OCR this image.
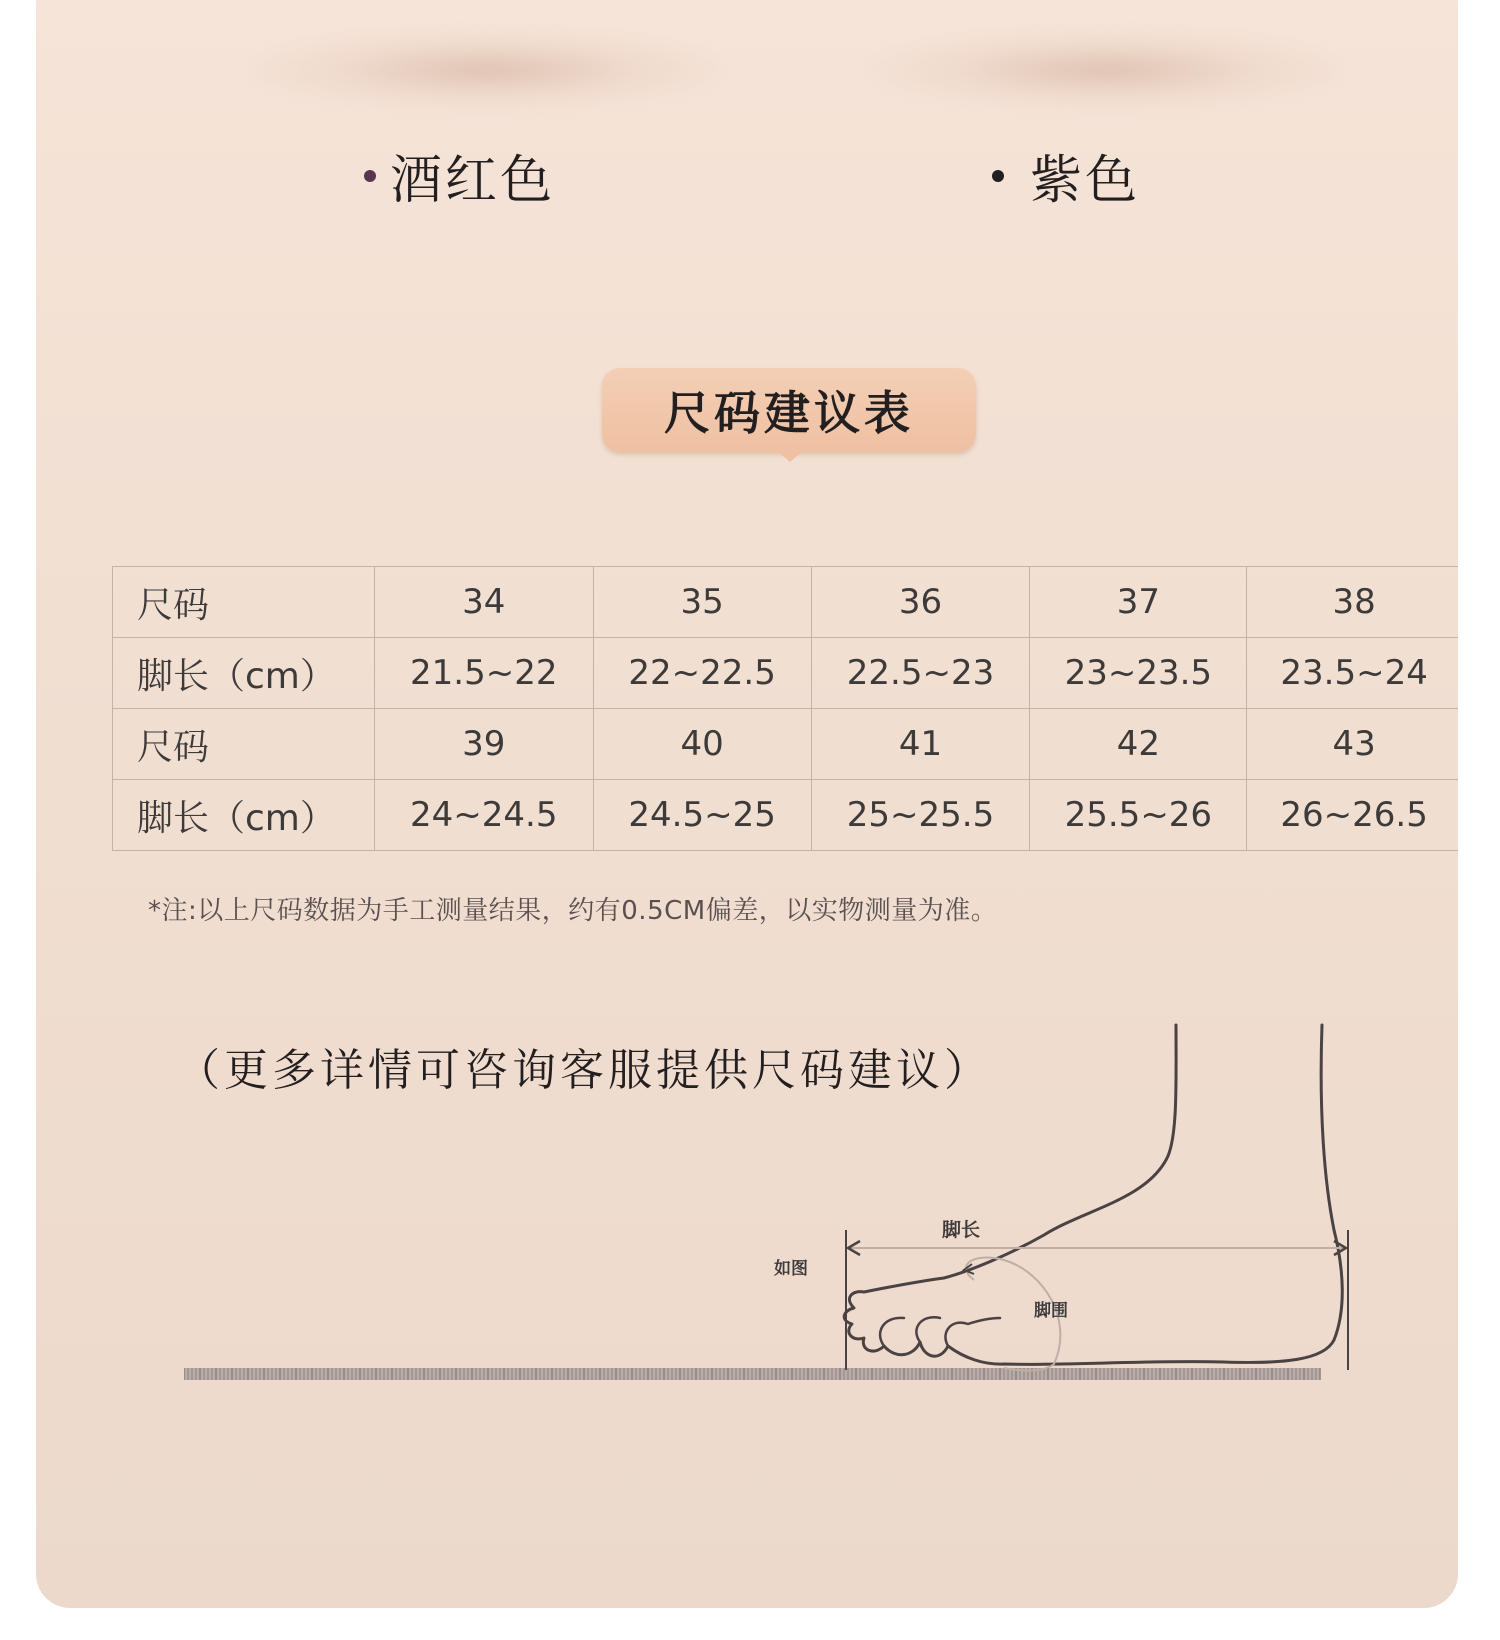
酒红色	紫色
尺码建议表
尺码	34	35	36	37	38
脚长（cm）	21.5~22	22~22.5	22.5~23	23~23.5	23.5~24
尺码	39	40	41	42	43
脚长（cm）	24~24.5	24.5~25	25~25.5	25.5~26	26~26.5
*注:以上尺码数据为手工测量结果，约有0.5CM偏差，以实物测量为准。
（更多详情可咨询客服提供尺码建议）
脚长
如图
脚围
